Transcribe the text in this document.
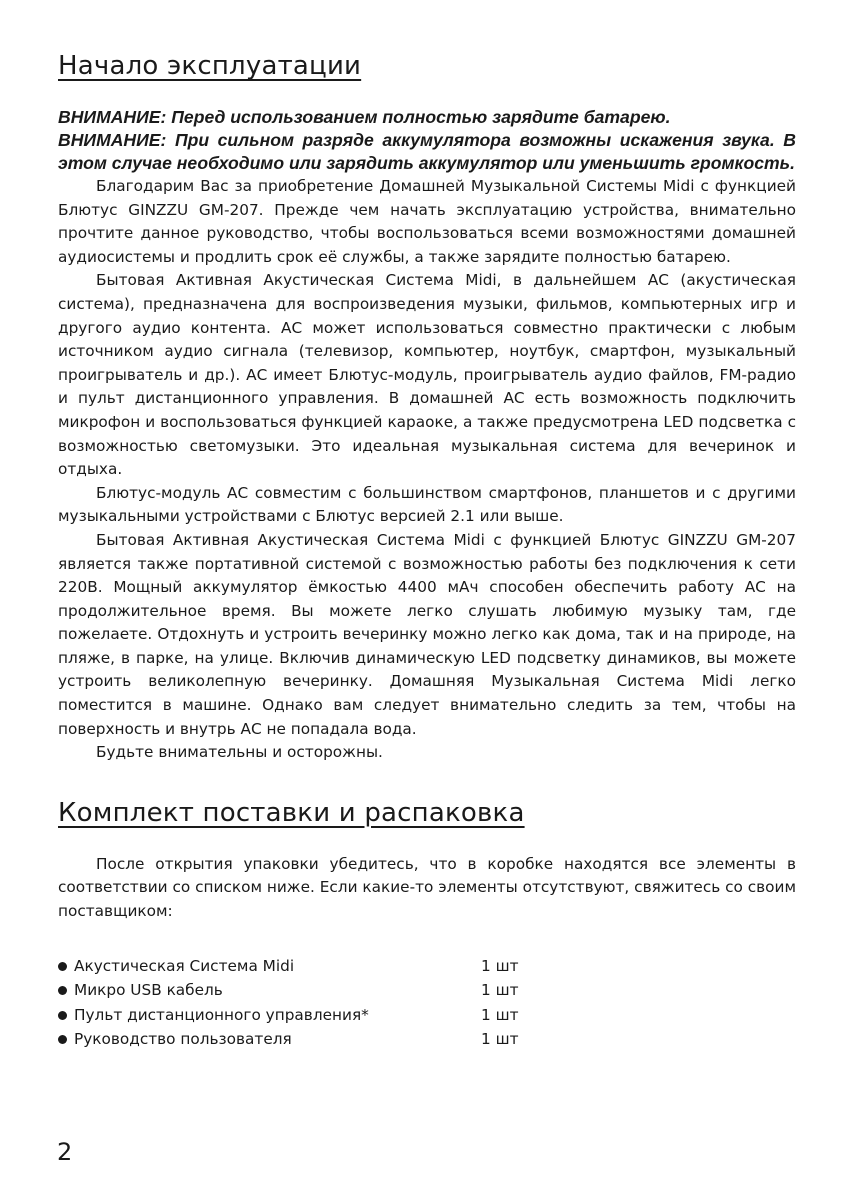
Начало эксплуатации

ВНИМАНИЕ: Перед использованием полностью зарядите батарею.

ВНИМАНИЕ: При сильном разряде аккумулятора возможны искажения звука. В этом случае необходимо или зарядить аккумулятор или уменьшить громкость.

Благодарим Вас за приобретение Домашней Музыкальной Системы Midi с функцией Блютус GINZZU GM-207. Прежде чем начать эксплуатацию устройства, внимательно прочтите данное руководство, чтобы воспользоваться всеми возможностями домашней аудиосистемы и продлить срок её службы, а также зарядите полностью батарею.

Бытовая Активная Акустическая Система Midi, в дальнейшем АС (акустическая система), предназначена для воспроизведения музыки, фильмов, компьютерных игр и другого аудио контента. АС может использоваться совместно практически с любым источником аудио сигнала (телевизор, компьютер, ноутбук, смартфон, музыкальный проигрыватель и др.). АС имеет Блютус-модуль, проигрыватель аудио файлов, FM-радио и пульт дистанционного управления. В домашней АС есть возможность подключить микрофон и воспользоваться функцией караоке, а также предусмотрена LED подсветка с возможностью светомузыки. Это идеальная музыкальная система для вечеринок и отдыха.

Блютус-модуль АС совместим с большинством смартфонов, планшетов и с другими музыкальными устройствами с Блютус версией 2.1 или выше.

Бытовая Активная Акустическая Система Midi с функцией Блютус GINZZU GM-207 является также портативной системой с возможностью работы без подключения к сети 220В. Мощный аккумулятор ёмкостью 4400 мАч способен обеспечить работу АС на продолжительное время. Вы можете легко слушать любимую музыку там, где пожелаете. Отдохнуть и устроить вечеринку можно легко как дома, так и на природе, на пляже, в парке, на улице. Включив динамическую LED подсветку динамиков, вы можете устроить великолепную вечеринку. Домашняя Музыкальная Система Midi легко поместится в машине. Однако вам следует внимательно следить за тем, чтобы на поверхность и внутрь АС не попадала вода.

Будьте внимательны и осторожны.

Комплект поставки и распаковка

После открытия упаковки убедитесь, что в коробке находятся все элементы в соответствии со списком ниже. Если какие-то элементы отсутствуют, свяжитесь со своим поставщиком:

Акустическая Система Midi	1 шт
Микро USB кабель	1 шт
Пульт дистанционного управления*	1 шт
Руководство пользователя	1 шт
2
